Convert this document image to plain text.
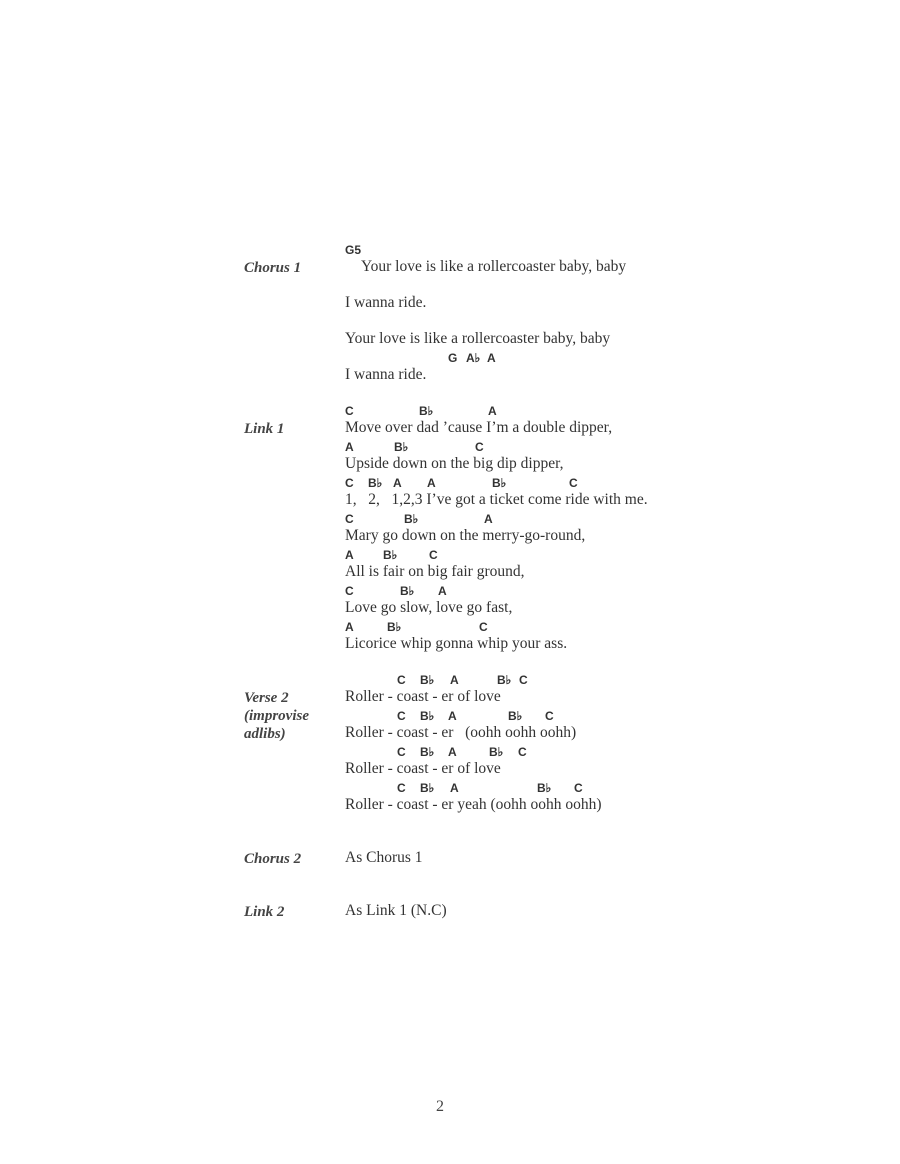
Chorus 1
G5
Your love is like a rollercoaster baby, baby
I wanna ride.
Your love is like a rollercoaster baby, baby
G A♭ A
I wanna ride.
Link 1
C	B♭	A
Move over dad ’cause I’m a double dipper,
A	B♭	C
Upside down on the big dip dipper,
C B♭ A A	B♭	C
1,   2,   1,2,3 I’ve got a ticket come ride with me.
C	B♭	A
Mary go down on the merry-go-round,
A B♭	C
All is fair on big fair ground,
C	B♭ A
Love go slow, love go fast,
A	B♭	C
Licorice whip gonna whip your ass.
Verse 2
(improvise
adlibs)
C B♭ A	B♭ C
Roller - coast - er of love
C B♭ A	B♭ C
Roller - coast - er   (oohh oohh oohh)
C B♭ A	B♭ C
Roller - coast - er of love
C B♭ A	B♭ C
Roller - coast - er yeah (oohh oohh oohh)
Chorus 2	As Chorus 1
Link 2	As Link 1 (N.C)
2
